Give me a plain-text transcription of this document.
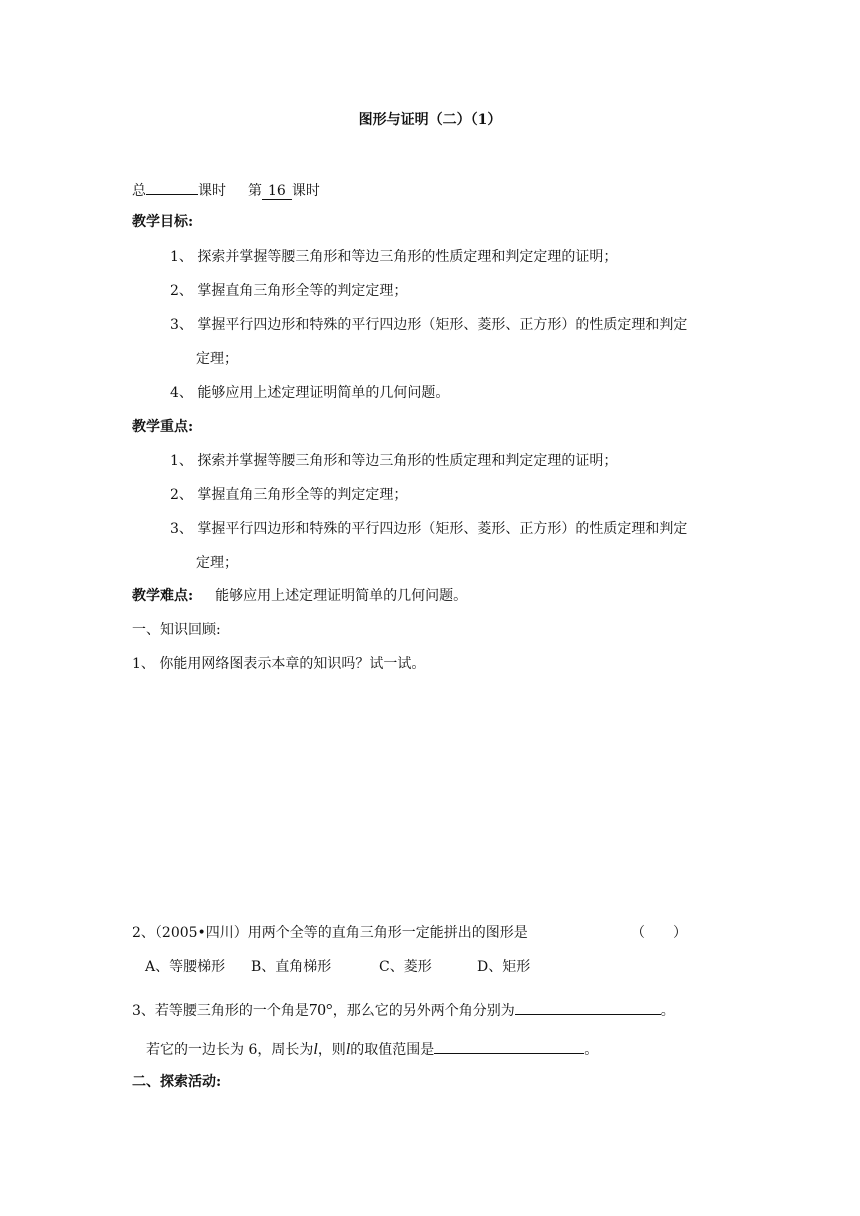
图形与证明（二）（1）
总	课时 第 16 课时
教学目标:
1、 探索并掌握等腰三角形和等边三角形的性质定理和判定定理的证明；
2、 掌握直角三角形全等的判定定理；
3、 掌握平行四边形和特殊的平行四边形（矩形、菱形、正方形）的性质定理和判定
定理；
4、 能够应用上述定理证明简单的几何问题。
教学重点:
1、 探索并掌握等腰三角形和等边三角形的性质定理和判定定理的证明；
2、 掌握直角三角形全等的判定定理；
3、 掌握平行四边形和特殊的平行四边形（矩形、菱形、正方形）的性质定理和判定
定理；
教学难点: 能够应用上述定理证明简单的几何问题。
一、知识回顾:
1、 你能用网络图表示本章的知识吗？试一试。
2、（2005•四川）用两个全等的直角三角形一定能拼出的图形是	（　　）
A、等腰梯形 B、直角梯形	C、菱形	D、矩形
3、若等腰三角形的一个角是70°，那么它的另外两个角分别为	。
若它的一边长为 6，周长为l，则l的取值范围是	。
二、探索活动:
